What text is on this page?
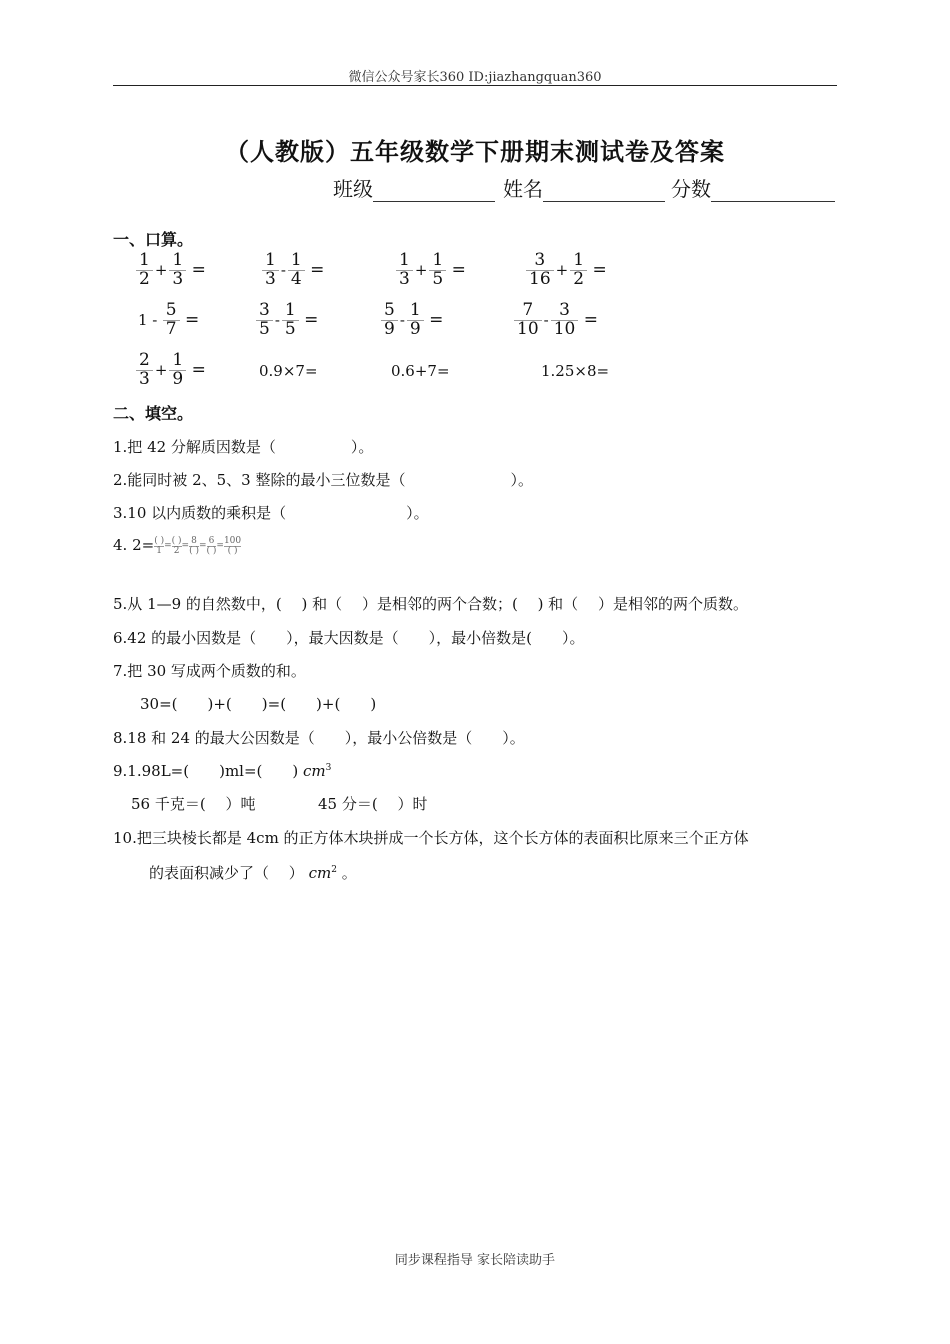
微信公众号家长360 ID:jiazhangquan360
（人教版）五年级数学下册期末测试卷及答案
班级	姓名	分数
一、口算。
$\frac{1}{2} + \frac{1}{3}$ =	$\frac{1}{3} - \frac{1}{4}$ =	$\frac{1}{3} + \frac{1}{5}$ =	$\frac{3}{16} + \frac{1}{2}$ =
$1 - \frac{5}{7}$ =	$\frac{3}{5} - \frac{1}{5}$ =	$\frac{5}{9} - \frac{1}{9}$ =	$\frac{7}{10} - \frac{3}{10}$ =
$\frac{2}{3} + \frac{1}{9}$ =	0.9×7=	0.6+7=	1.25×8=
二、填空。
1.把 42 分解质因数是（　　　　　）。
2.能同时被 2、5、3 整除的最小三位数是（　　　　　　　）。
3.10 以内质数的乘积是（　　　　　　　　）。
4. $2= \frac{( )}{1} = \frac{( )}{2} = \frac{8}{( )} = \frac{6}{( )} = \frac{100}{( )}$
5.从 1—9 的自然数中，(　 ) 和（　 ）是相邻的两个合数；(　 ) 和（　 ）是相邻的两个质数。
6.42 的最小因数是（　　），最大因数是（　　），最小倍数是(　　）。
7.把 30 写成两个质数的和。
30=(　　)+(　　)=(　　)+(　　)
8.18 和 24 的最大公因数是（　　），最小公倍数是（　　）。
9.1.98L=(　　)ml=(　　) $cm^3$
56 千克＝(　 ）吨	45 分＝(　 ）时
10.把三块棱长都是 4cm 的正方体木块拼成一个长方体，这个长方体的表面积比原来三个正方体
的表面积减少了（　 ） $cm^2$ 。
同步课程指导 家长陪读助手
